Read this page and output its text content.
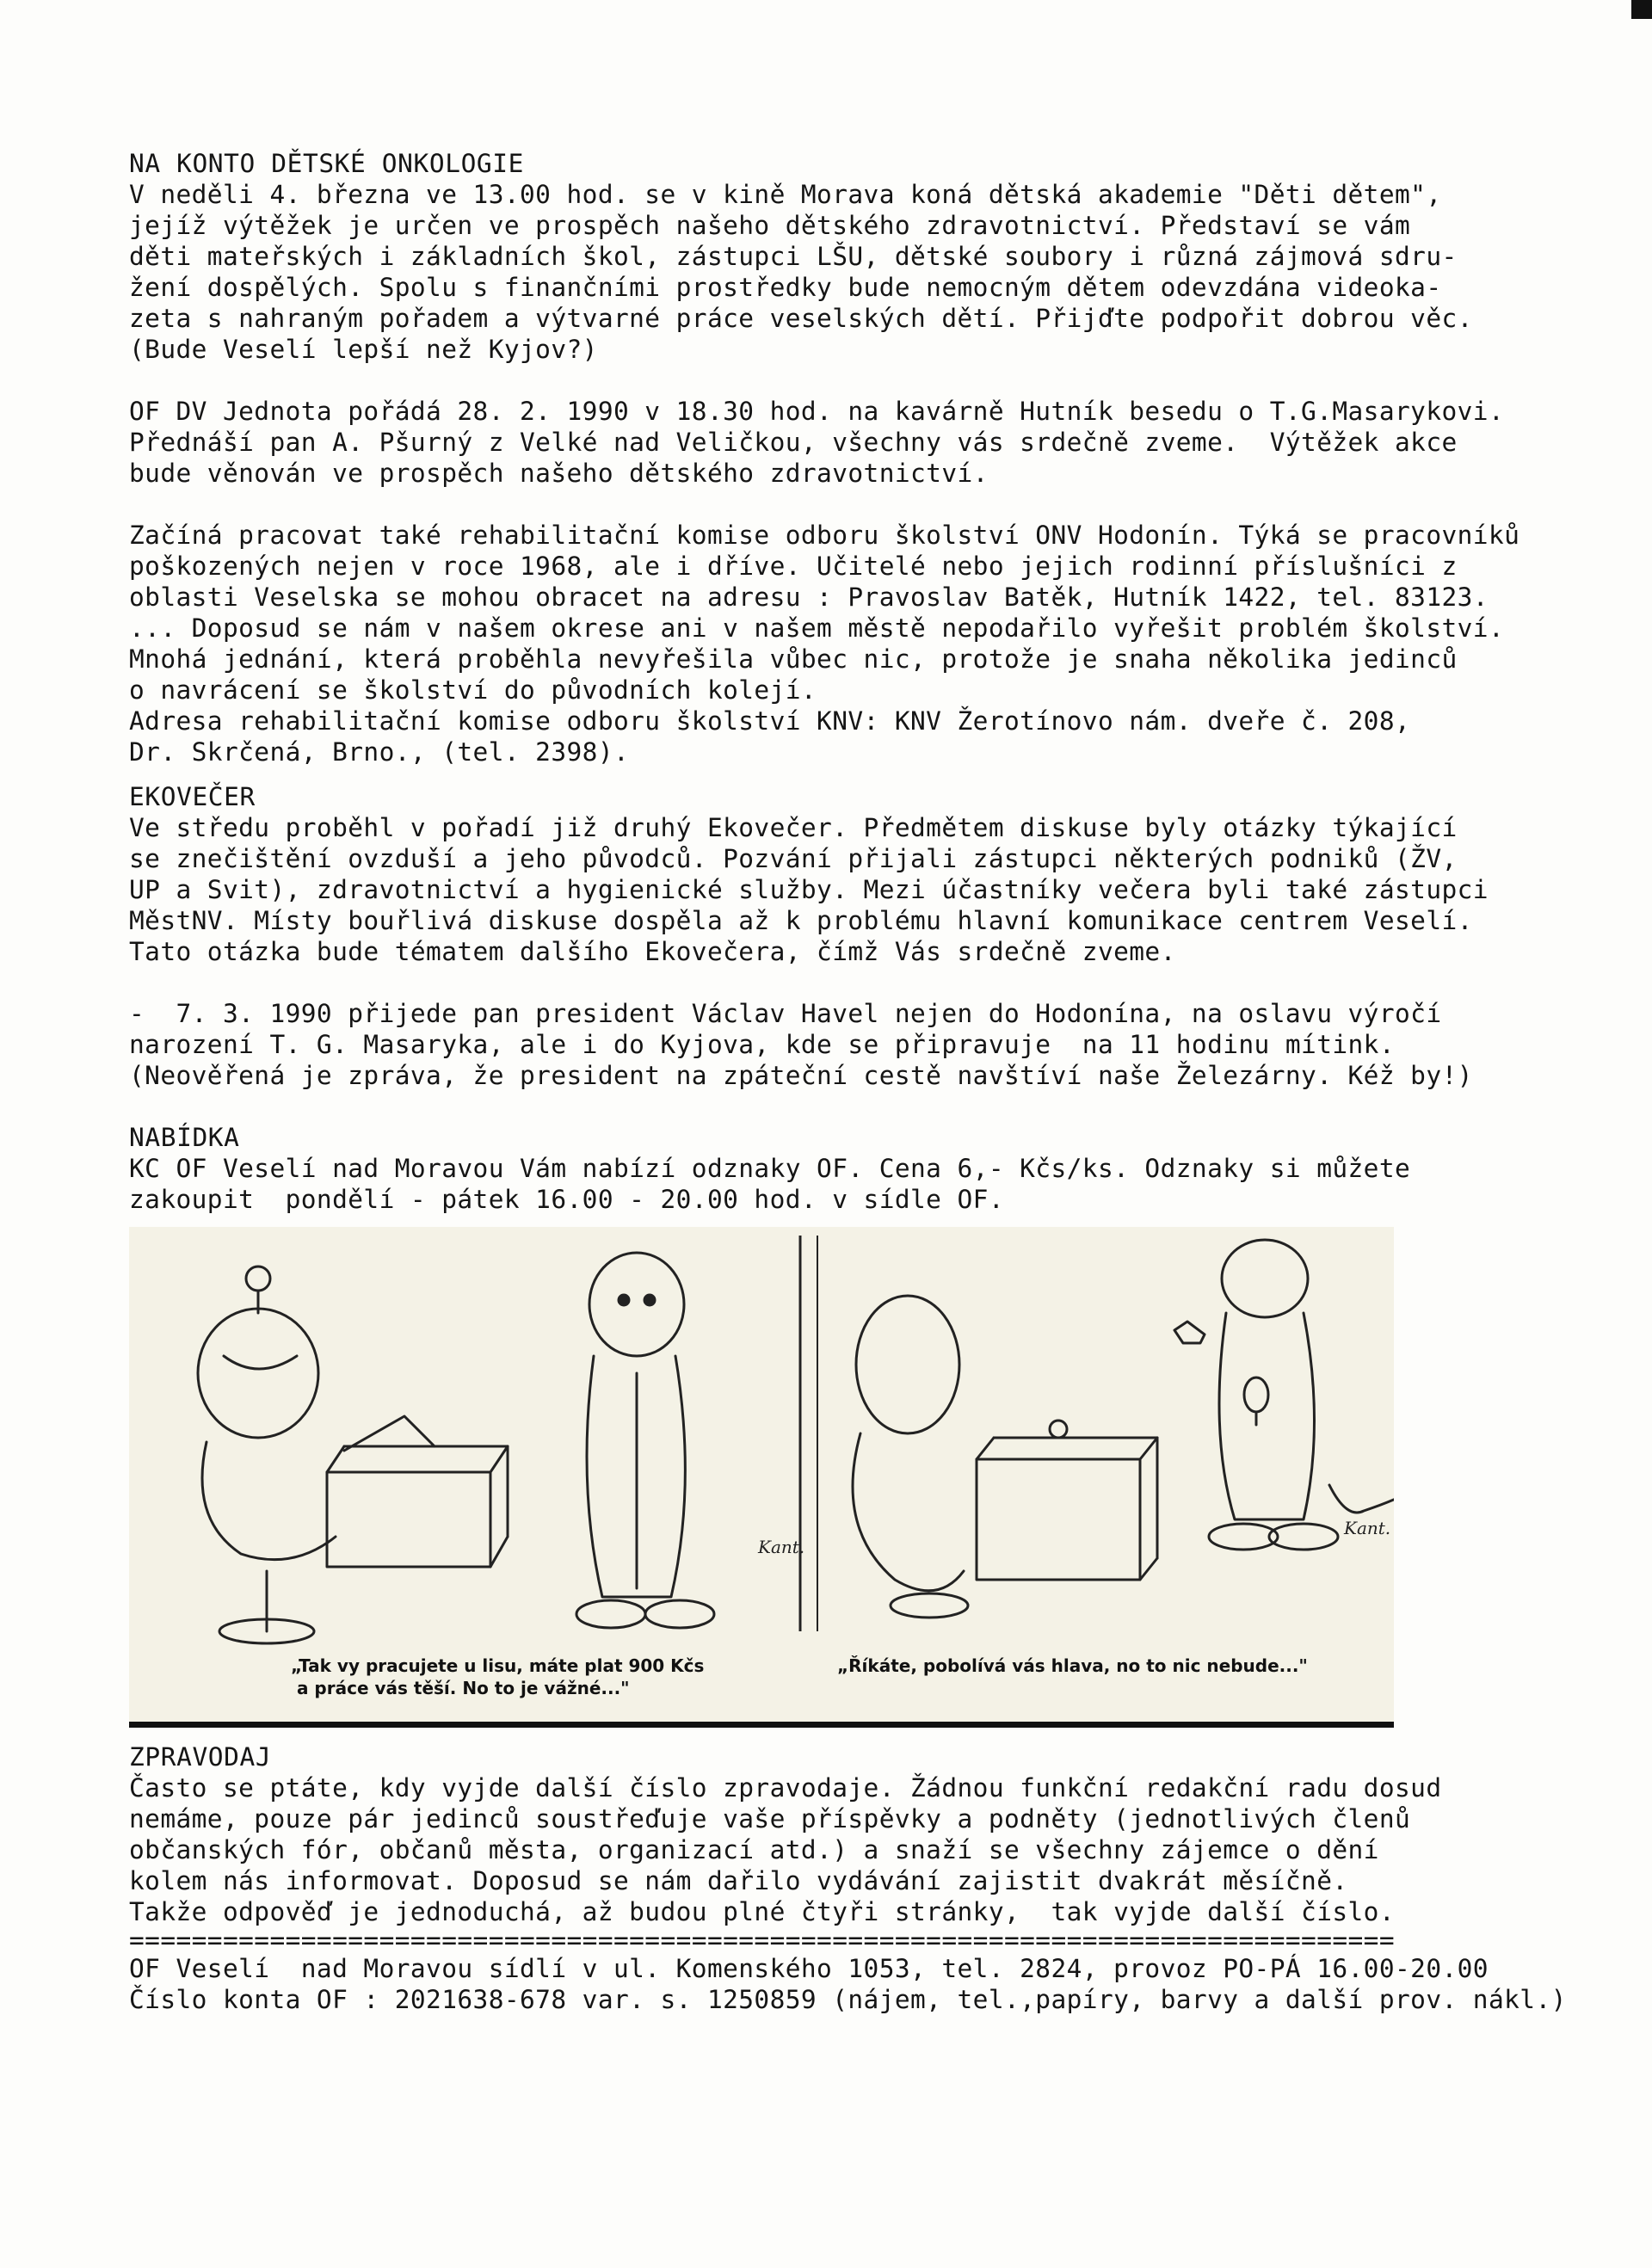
NA KONTO DĚTSKÉ ONKOLOGIE
V neděli 4. března ve 13.00 hod. se v kině Morava koná dětská akademie "Děti dětem",
jejíž výtěžek je určen ve prospěch našeho dětského zdravotnictví. Představí se vám
děti mateřských i základních škol, zástupci LŠU, dětské soubory i různá zájmová sdru-
žení dospělých. Spolu s finančními prostředky bude nemocným dětem odevzdána videoka-
zeta s nahraným pořadem a výtvarné práce veselských dětí. Přijďte podpořit dobrou věc.
(Bude Veselí lepší než Kyjov?)
OF DV Jednota pořádá 28. 2. 1990 v 18.30 hod. na kavárně Hutník besedu o T.G.Masarykovi.
Přednáší pan A. Pšurný z Velké nad Veličkou, všechny vás srdečně zveme.  Výtěžek akce
bude věnován ve prospěch našeho dětského zdravotnictví.
Začíná pracovat také rehabilitační komise odboru školství ONV Hodonín. Týká se pracovníků
poškozených nejen v roce 1968, ale i dříve. Učitelé nebo jejich rodinní příslušníci z
oblasti Veselska se mohou obracet na adresu : Pravoslav Batěk, Hutník 1422, tel. 83123.
... Doposud se nám v našem okrese ani v našem městě nepodařilo vyřešit problém školství.
Mnohá jednání, která proběhla nevyřešila vůbec nic, protože je snaha několika jedinců
o navrácení se školství do původních kolejí.
Adresa rehabilitační komise odboru školství KNV: KNV Žerotínovo nám. dveře č. 208,
Dr. Skrčená, Brno., (tel. 2398).
EKOVEČER
Ve středu proběhl v pořadí již druhý Ekovečer. Předmětem diskuse byly otázky týkající
se znečištění ovzduší a jeho původců. Pozvání přijali zástupci některých podniků (ŽV,
UP a Svit), zdravotnictví a hygienické služby. Mezi účastníky večera byli také zástupci
MěstNV. Místy bouřlivá diskuse dospěla až k problému hlavní komunikace centrem Veselí.
Tato otázka bude tématem dalšího Ekovečera, čímž Vás srdečně zveme.
-  7. 3. 1990 přijede pan president Václav Havel nejen do Hodonína, na oslavu výročí
narození T. G. Masaryka, ale i do Kyjova, kde se připravuje  na 11 hodinu mítink.
(Neověřená je zpráva, že president na zpáteční cestě navštíví naše Železárny. Kéž by!)
NABÍDKA
KC OF Veselí nad Moravou Vám nabízí odznaky OF. Cena 6,- Kčs/ks. Odznaky si můžete
zakoupit  pondělí - pátek 16.00 - 20.00 hod. v sídle OF.
Kant.
Kant.
„Tak vy pracujete u lisu, máte plat 900 Kčs
a práce vás těší. No to je vážné..."
„Říkáte, pobolívá vás hlava, no to nic nebude..."
ZPRAVODAJ
Často se ptáte, kdy vyjde další číslo zpravodaje. Žádnou funkční redakční radu dosud
nemáme, pouze pár jedinců soustřeďuje vaše příspěvky a podněty (jednotlivých členů
občanských fór, občanů města, organizací atd.) a snaží se všechny zájemce o dění
kolem nás informovat. Doposud se nám dařilo vydávání zajistit dvakrát měsíčně.
Takže odpověď je jednoduchá, až budou plné čtyři stránky,  tak vyjde další číslo.
=================================================================================
OF Veselí  nad Moravou sídlí v ul. Komenského 1053, tel. 2824, provoz PO-PÁ 16.00-20.00
Číslo konta OF : 2021638-678 var. s. 1250859 (nájem, tel.,papíry, barvy a další prov. nákl.)
